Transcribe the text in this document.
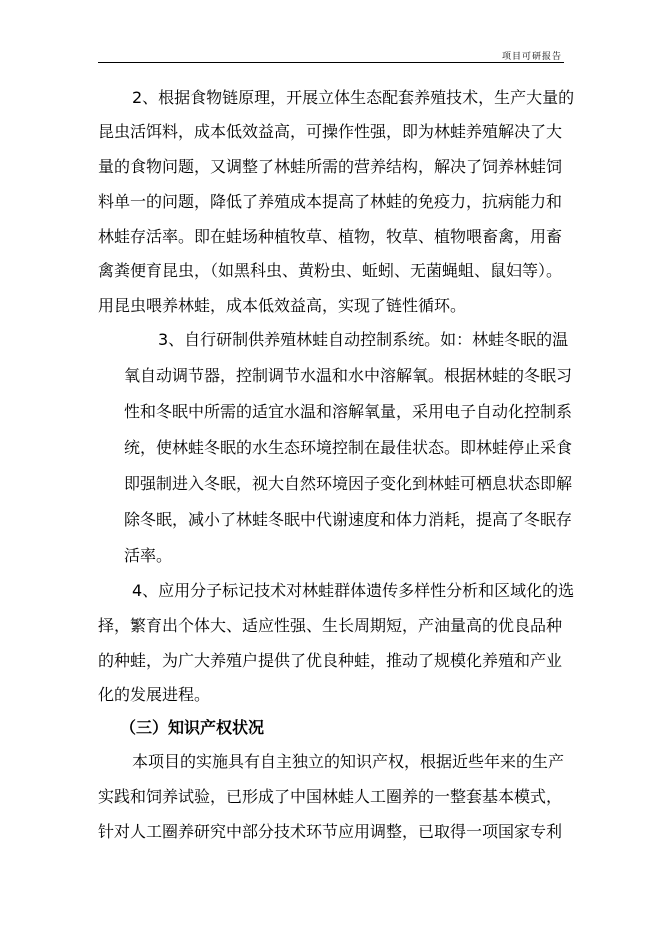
项目可研报告
2、根据食物链原理，开展立体生态配套养殖技术，生产大量的
昆虫活饵料，成本低效益高，可操作性强，即为林蛙养殖解决了大
量的食物问题，又调整了林蛙所需的营养结构，解决了饲养林蛙饲
料单一的问题，降低了养殖成本提高了林蛙的免疫力，抗病能力和
林蛙存活率。即在蛙场种植牧草、植物，牧草、植物喂畜禽，用畜
禽粪便育昆虫，（如黑科虫、黄粉虫、蚯蚓、无菌蝇蛆、鼠妇等）。
用昆虫喂养林蛙，成本低效益高，实现了链性循环。
3、自行研制供养殖林蛙自动控制系统。如：林蛙冬眠的温
氧自动调节器，控制调节水温和水中溶解氧。根据林蛙的冬眠习
性和冬眠中所需的适宜水温和溶解氧量，采用电子自动化控制系
统，使林蛙冬眠的水生态环境控制在最佳状态。即林蛙停止采食
即强制进入冬眠，视大自然环境因子变化到林蛙可栖息状态即解
除冬眠，减小了林蛙冬眠中代谢速度和体力消耗，提高了冬眠存
活率。
4、应用分子标记技术对林蛙群体遗传多样性分析和区域化的选
择，繁育出个体大、适应性强、生长周期短，产油量高的优良品种
的种蛙，为广大养殖户提供了优良种蛙，推动了规模化养殖和产业
化的发展进程。
（三）知识产权状况
本项目的实施具有自主独立的知识产权，根据近些年来的生产
实践和饲养试验，已形成了中国林蛙人工圈养的一整套基本模式，
针对人工圈养研究中部分技术环节应用调整，已取得一项国家专利
